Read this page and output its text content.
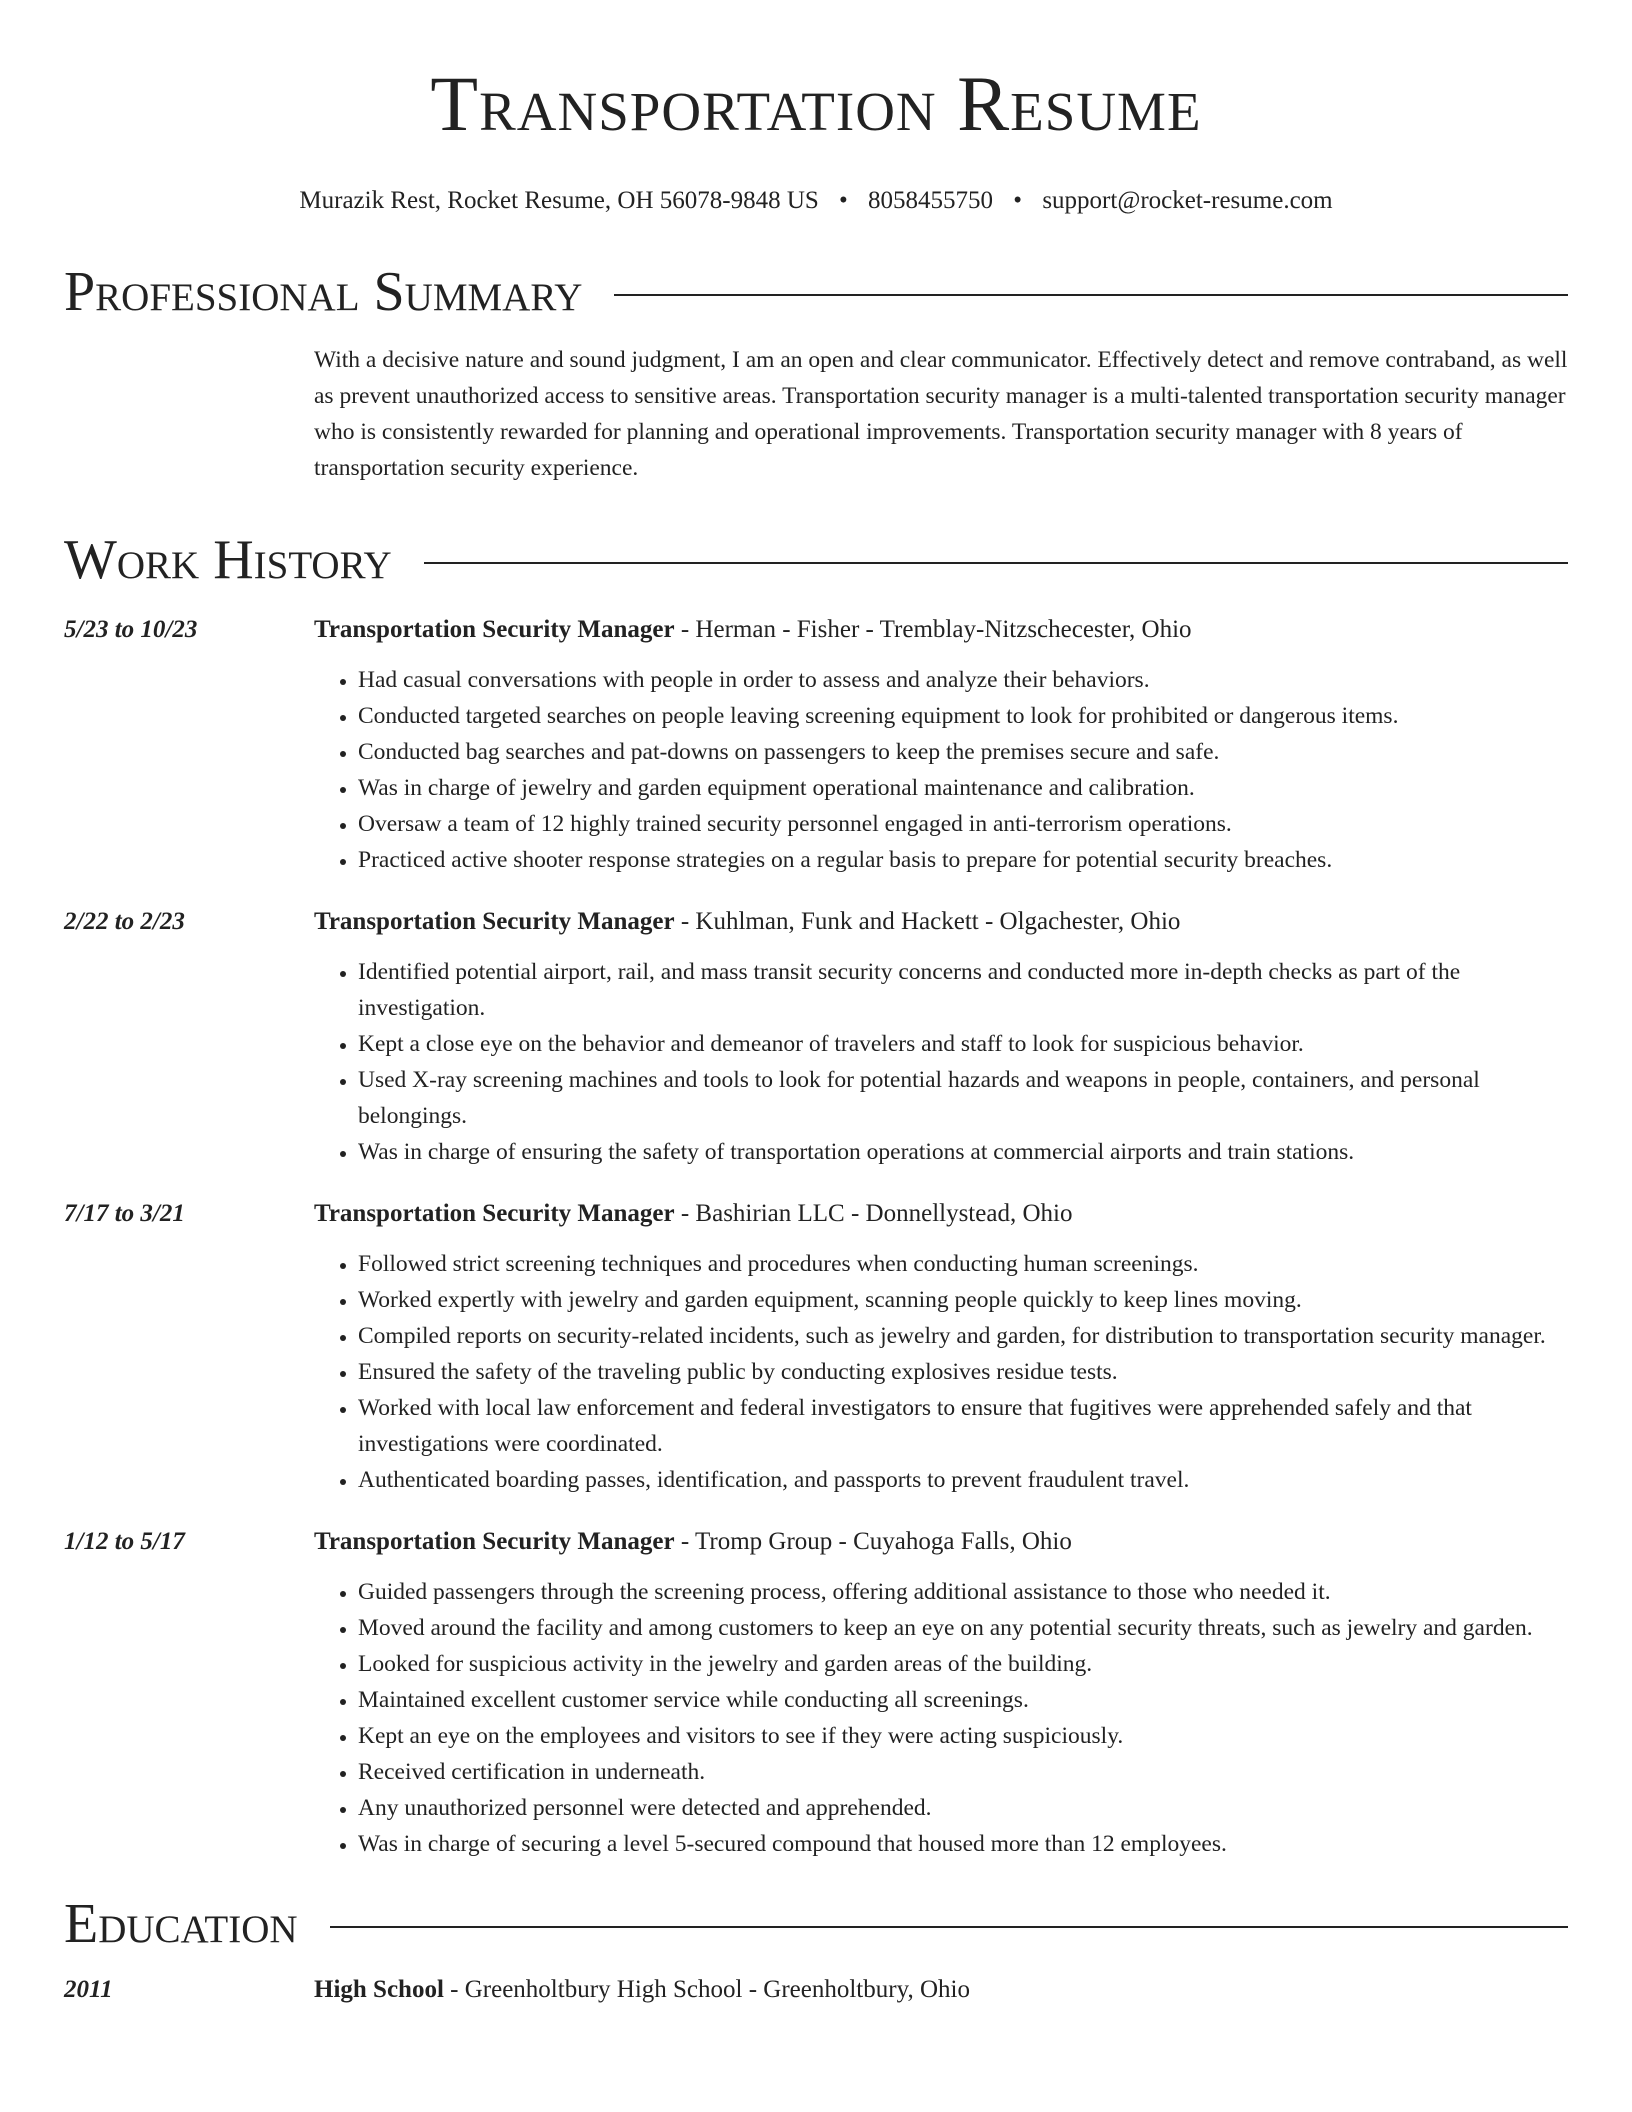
Transportation Resume
Murazik Rest, Rocket Resume, OH 56078-9848 US • 8058455750 • support@rocket-resume.com
Professional Summary
With a decisive nature and sound judgment, I am an open and clear communicator. Effectively detect and remove contraband, as well as prevent unauthorized access to sensitive areas. Transportation security manager is a multi-talented transportation security manager who is consistently rewarded for planning and operational improvements. Transportation security manager with 8 years of transportation security experience.
Work History
5/23 to 10/23	Transportation Security Manager - Herman - Fisher - Tremblay-Nitzschecester, Ohio
• Had casual conversations with people in order to assess and analyze their behaviors.
• Conducted targeted searches on people leaving screening equipment to look for prohibited or dangerous items.
• Conducted bag searches and pat-downs on passengers to keep the premises secure and safe.
• Was in charge of jewelry and garden equipment operational maintenance and calibration.
• Oversaw a team of 12 highly trained security personnel engaged in anti-terrorism operations.
• Practiced active shooter response strategies on a regular basis to prepare for potential security breaches.
2/22 to 2/23	Transportation Security Manager - Kuhlman, Funk and Hackett - Olgachester, Ohio
• Identified potential airport, rail, and mass transit security concerns and conducted more in-depth checks as part of the investigation.
• Kept a close eye on the behavior and demeanor of travelers and staff to look for suspicious behavior.
• Used X-ray screening machines and tools to look for potential hazards and weapons in people, containers, and personal belongings.
• Was in charge of ensuring the safety of transportation operations at commercial airports and train stations.
7/17 to 3/21	Transportation Security Manager - Bashirian LLC - Donnellystead, Ohio
• Followed strict screening techniques and procedures when conducting human screenings.
• Worked expertly with jewelry and garden equipment, scanning people quickly to keep lines moving.
• Compiled reports on security-related incidents, such as jewelry and garden, for distribution to transportation security manager.
• Ensured the safety of the traveling public by conducting explosives residue tests.
• Worked with local law enforcement and federal investigators to ensure that fugitives were apprehended safely and that investigations were coordinated.
• Authenticated boarding passes, identification, and passports to prevent fraudulent travel.
1/12 to 5/17	Transportation Security Manager - Tromp Group - Cuyahoga Falls, Ohio
• Guided passengers through the screening process, offering additional assistance to those who needed it.
• Moved around the facility and among customers to keep an eye on any potential security threats, such as jewelry and garden.
• Looked for suspicious activity in the jewelry and garden areas of the building.
• Maintained excellent customer service while conducting all screenings.
• Kept an eye on the employees and visitors to see if they were acting suspiciously.
• Received certification in underneath.
• Any unauthorized personnel were detected and apprehended.
• Was in charge of securing a level 5-secured compound that housed more than 12 employees.
Education
2011	High School - Greenholtbury High School - Greenholtbury, Ohio
